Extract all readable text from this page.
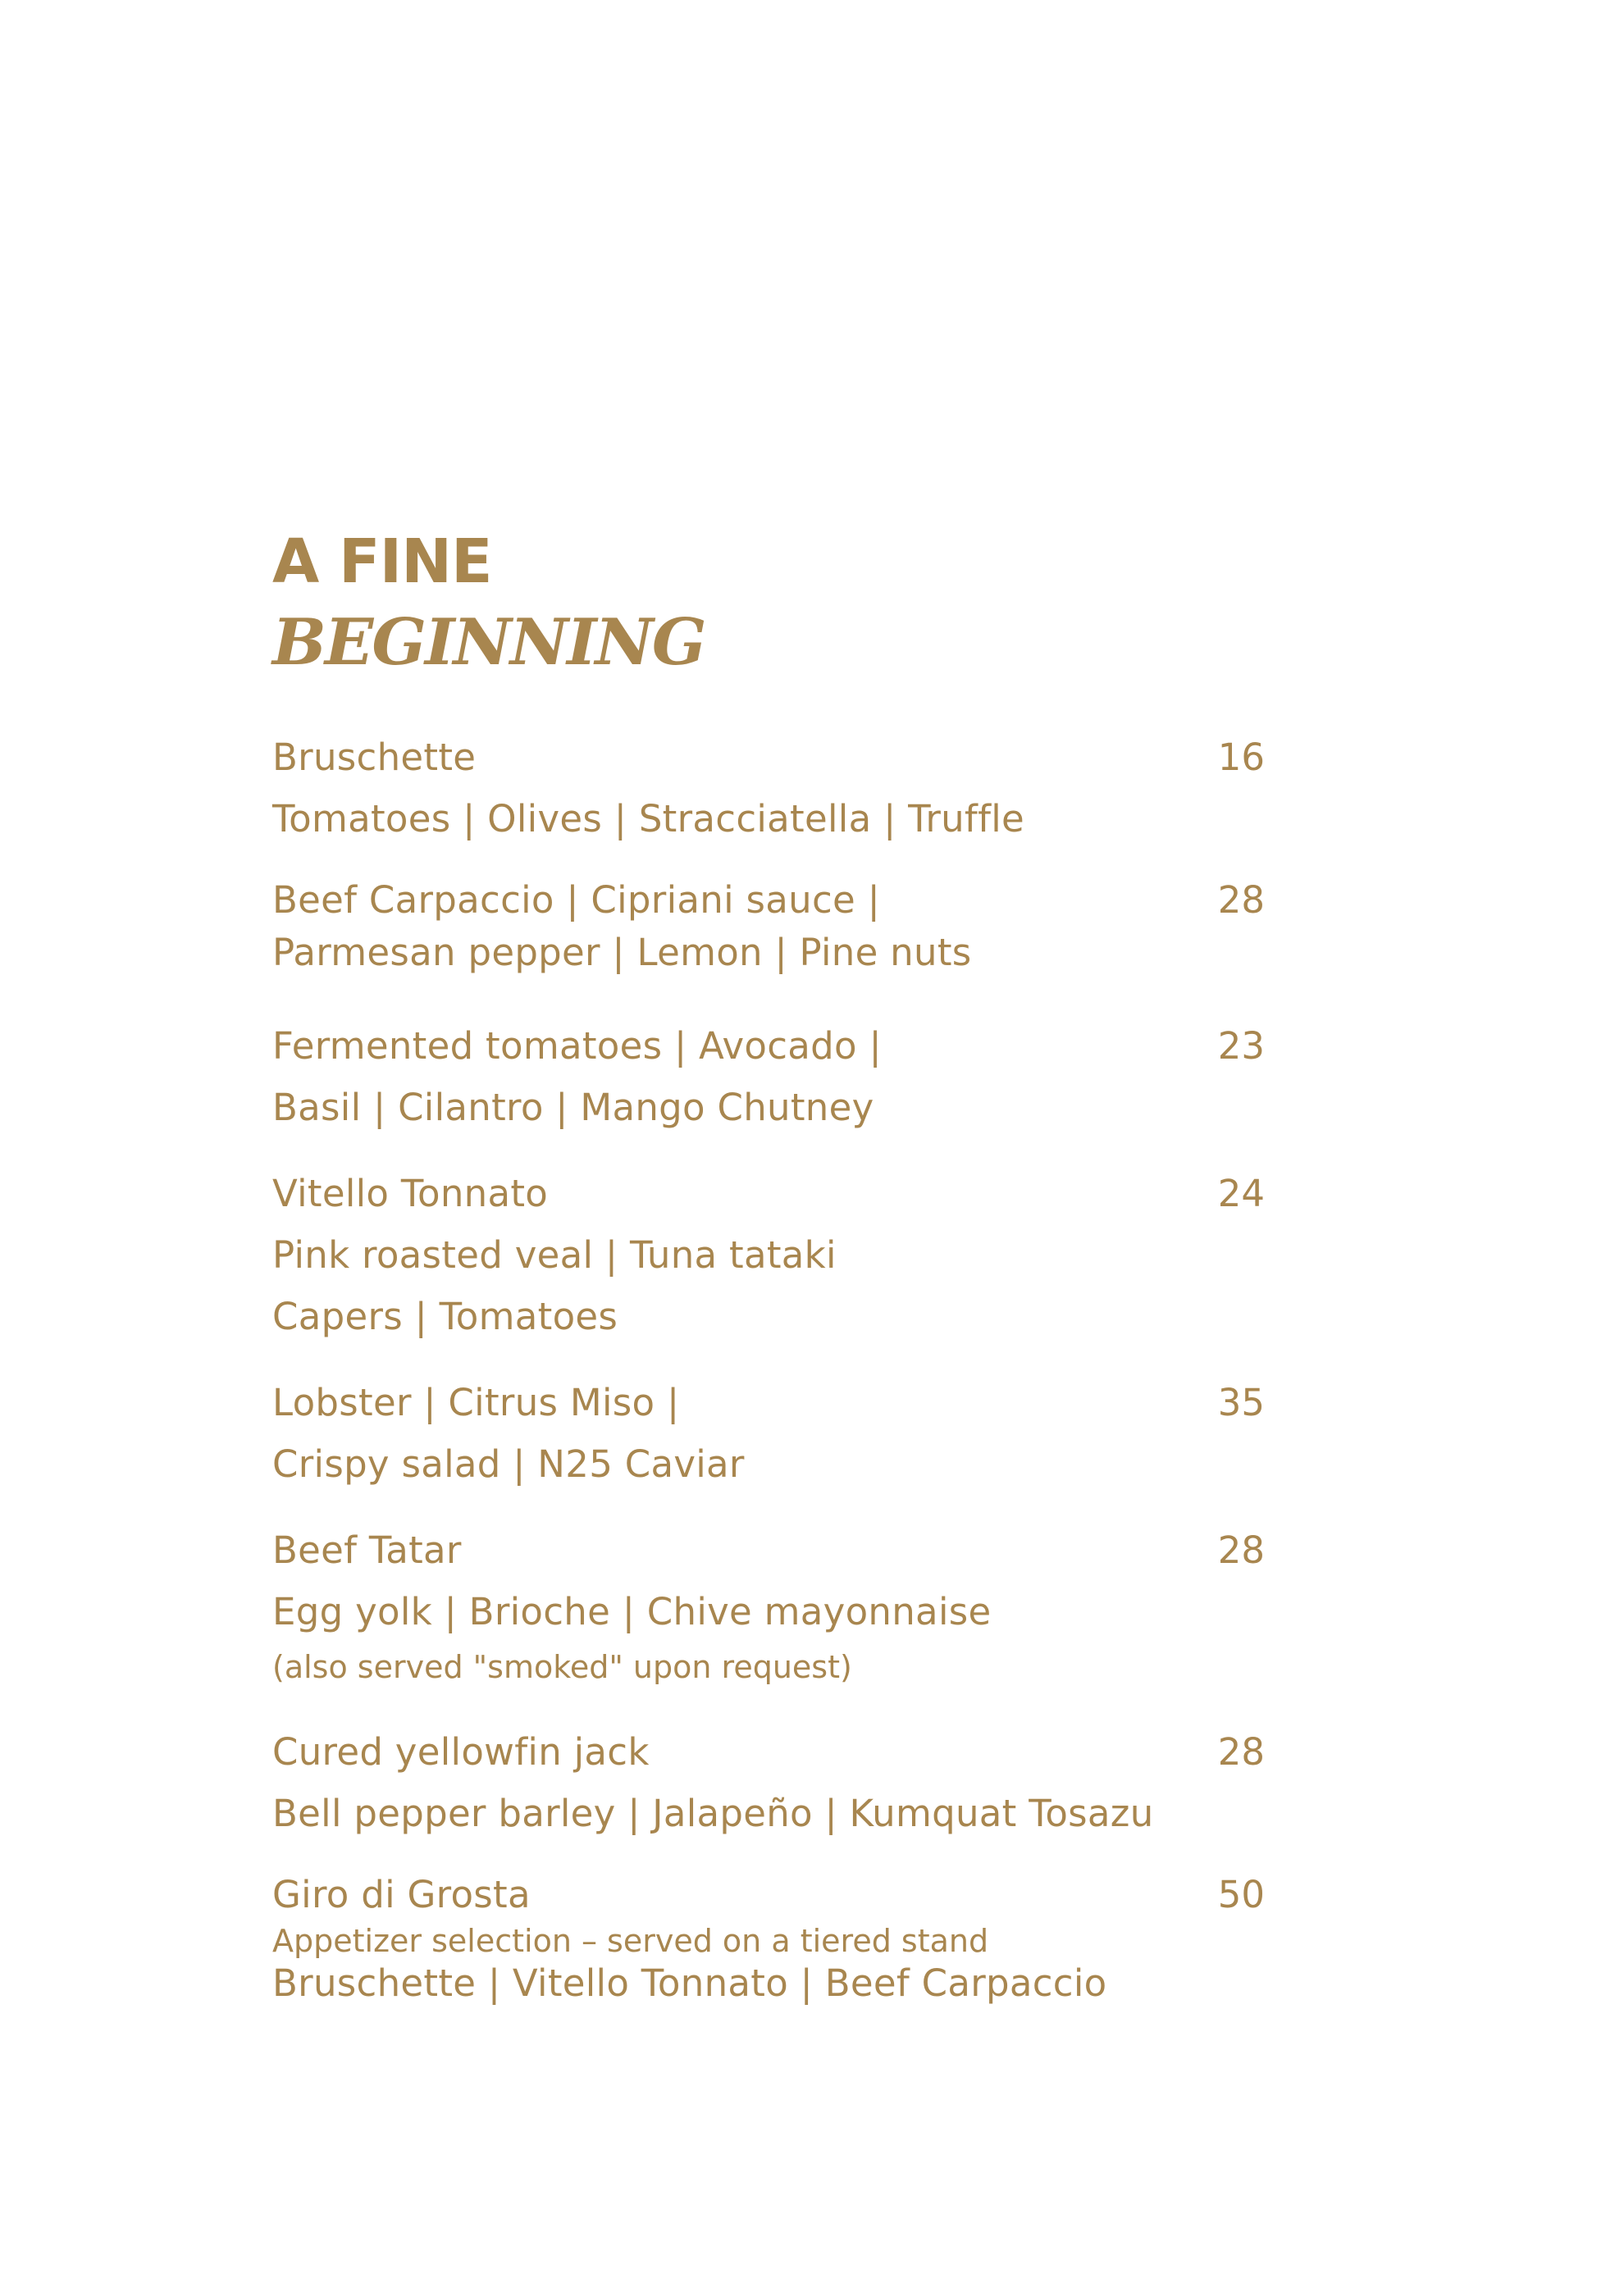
A FINE
BEGINNING
Bruschette
Tomatoes | Olives | Stracciatella | Truffle
16
Beef Carpaccio | Cipriani sauce |
Parmesan pepper | Lemon | Pine nuts
28
Fermented tomatoes | Avocado |
Basil | Cilantro | Mango Chutney
23
Vitello Tonnato
Pink roasted veal | Tuna tataki
Capers | Tomatoes
24
Lobster | Citrus Miso |
Crispy salad | N25 Caviar
35
Beef Tatar
Egg yolk | Brioche | Chive mayonnaise
(also served "smoked" upon request)
28
Cured yellowfin jack
Bell pepper barley | Jalapeño | Kumquat Tosazu
28
Giro di Grosta
Appetizer selection – served on a tiered stand
Bruschette | Vitello Tonnato | Beef Carpaccio
50
